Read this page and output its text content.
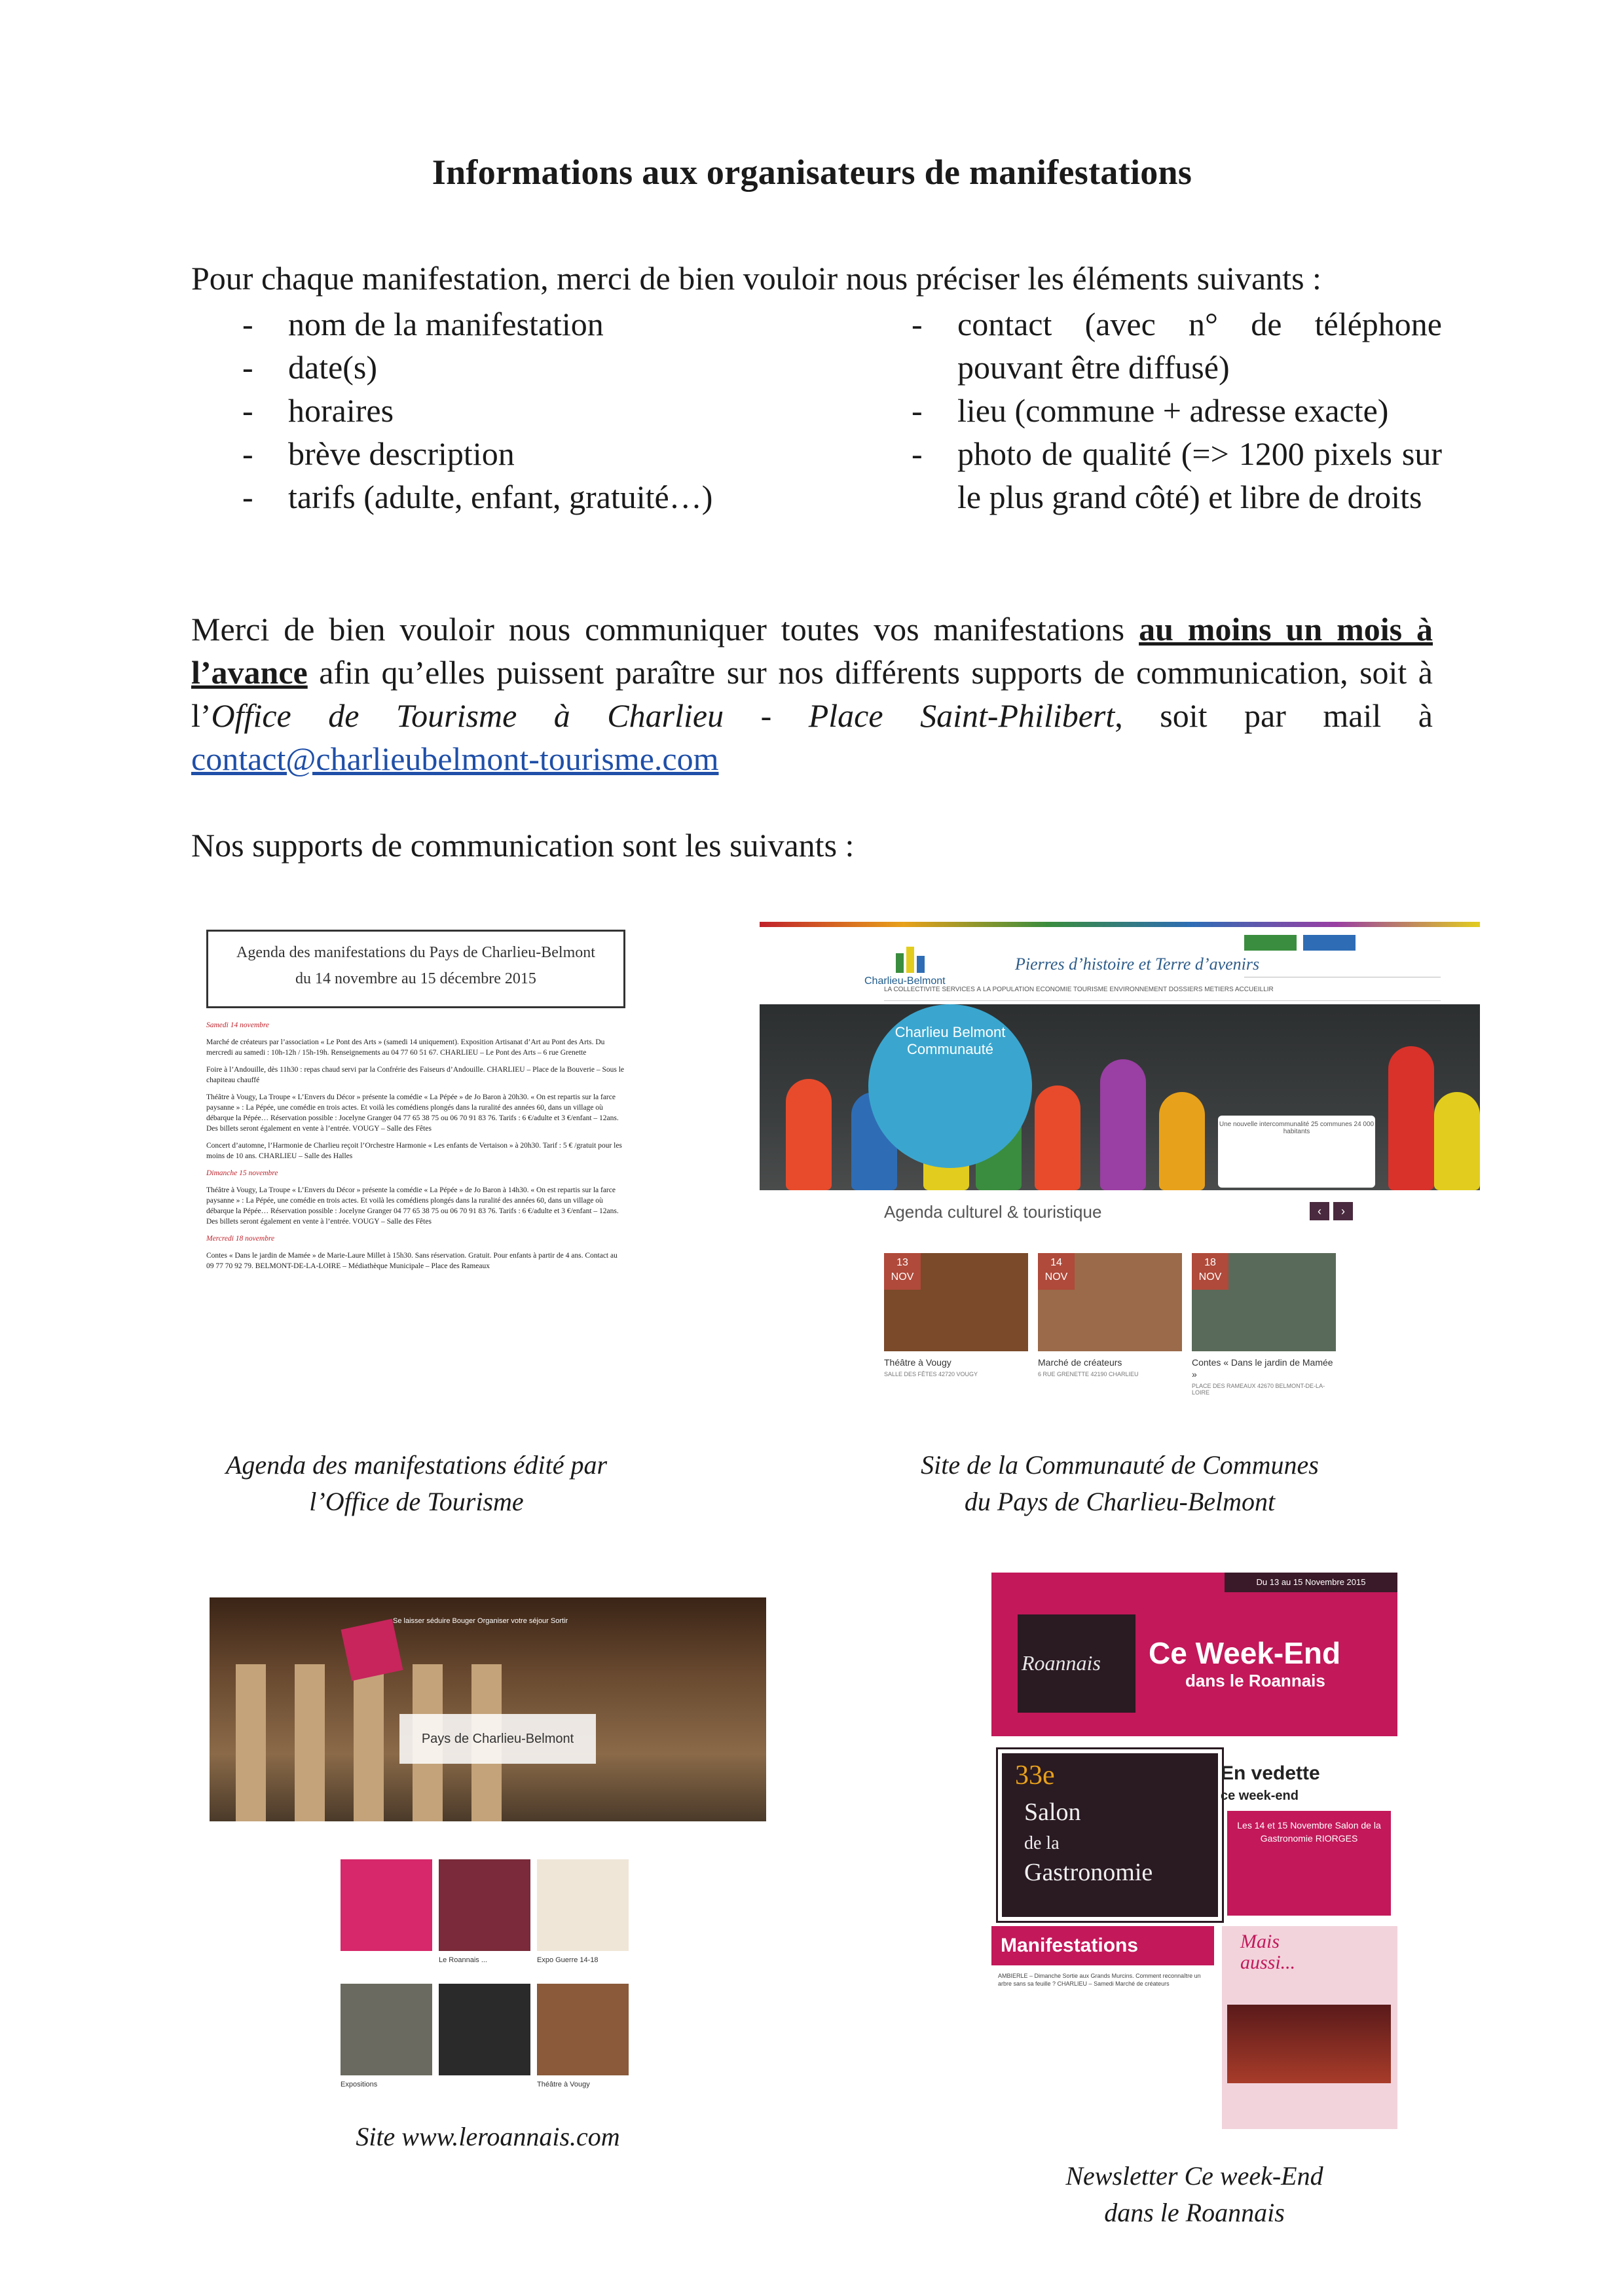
Informations aux organisateurs de manifestations
Pour chaque manifestation, merci de bien vouloir nous préciser les éléments suivants :
- nom de la manifestation
- date(s)
- horaires
- brève description
- tarifs (adulte, enfant, gratuité…)
- contact (avec n° de téléphone pouvant être diffusé)
- lieu (commune + adresse exacte)
- photo de qualité (=> 1200 pixels sur le plus grand côté) et libre de droits
Merci de bien vouloir nous communiquer toutes vos manifestations au moins un mois à l’avance afin qu’elles puissent paraître sur nos différents supports de communication, soit à l’Office de Tourisme à Charlieu - Place Saint-Philibert, soit par mail à contact@charlieubelmont-tourisme.com
Nos supports de communication sont les suivants :
Agenda des manifestations du Pays de Charlieu-Belmont
du 14 novembre au 15 décembre 2015

Samedi 14 novembre

Marché de créateurs par l’association « Le Pont des Arts » (samedi 14 uniquement). Exposition Artisanat d’Art au Pont des Arts. Du mercredi au samedi : 10h-12h / 15h-19h. Renseignements au 04 77 60 51 67. CHARLIEU – Le Pont des Arts – 6 rue Grenette

Foire à l’Andouille, dès 11h30 : repas chaud servi par la Confrérie des Faiseurs d’Andouille. CHARLIEU – Place de la Bouverie – Sous le chapiteau chauffé

Théâtre à Vougy, La Troupe « L’Envers du Décor » présente la comédie « La Pépée » de Jo Baron à 20h30. « On est repartis sur la farce paysanne » : La Pépée, une comédie en trois actes. Et voilà les comédiens plongés dans la ruralité des années 60, dans un village où débarque la Pépée… Réservation possible : Jocelyne Granger 04 77 65 38 75 ou 06 70 91 83 76. Tarifs : 6 €/adulte et 3 €/enfant – 12ans. Des billets seront également en vente à l’entrée. VOUGY – Salle des Fêtes

Concert d’automne, l’Harmonie de Charlieu reçoit l’Orchestre Harmonie « Les enfants de Vertaison » à 20h30. Tarif : 5 € /gratuit pour les moins de 10 ans. CHARLIEU – Salle des Halles

Dimanche 15 novembre

Théâtre à Vougy, La Troupe « L’Envers du Décor » présente la comédie « La Pépée » de Jo Baron à 14h30. « On est repartis sur la farce paysanne » : La Pépée, une comédie en trois actes. Et voilà les comédiens plongés dans la ruralité des années 60, dans un village où débarque la Pépée… Réservation possible : Jocelyne Granger 04 77 65 38 75 ou 06 70 91 83 76. Tarifs : 6 €/adulte et 3 €/enfant – 12ans. Des billets seront également en vente à l’entrée. VOUGY – Salle des Fêtes

Mercredi 18 novembre

Contes « Dans le jardin de Mamée » de Marie-Laure Millet à 15h30. Sans réservation. Gratuit. Pour enfants à partir de 4 ans. Contact au 09 77 70 92 79. BELMONT-DE-LA-LOIRE – Médiathèque Municipale – Place des Rameaux

Agenda des manifestations édité par
l’Office de Tourisme
Charlieu-Belmont
Pierres d’histoire et Terre d’avenirs
LA COLLECTIVITÉ SERVICES À LA POPULATION ÉCONOMIE TOURISME ENVIRONNEMENT DOSSIERS MÉTIERS ACCUEILLIR
Charlieu Belmont Communauté
Une nouvelle intercommunalité 25 communes 24 000 habitants
Agenda culturel & touristique	‹ ›
13
NOV
Théâtre à Vougy
SALLE DES FÊTES 42720 VOUGY
14
NOV
Marché de créateurs
6 RUE GRENETTE 42190 CHARLIEU
18
NOV
Contes « Dans le jardin de Mamée »
PLACE DES RAMEAUX 42670 BELMONT-DE-LA-LOIRE
Site de la Communauté de Communes
du Pays de Charlieu-Belmont
Se laisser séduire Bouger Organiser votre séjour Sortir
Pays de Charlieu-Belmont
Le Roannais ...	Expo Guerre 14-18
Expositions	Théâtre à Vougy
Site www.leroannais.com
Du 13 au 15 Novembre 2015
Roannais Ce Week-End
dans le Roannais
33e
Salon
de la
Gastronomie
En vedette
ce week-end
Les 14 et 15 Novembre Salon de la Gastronomie RIORGES
Manifestations	Mais
aussi...
AMBIERLE – Dimanche Sortie aux Grands Murcins. Comment reconnaître un arbre sans sa feuille ? CHARLIEU – Samedi Marché de créateurs
Newsletter Ce week-End
dans le Roannais
